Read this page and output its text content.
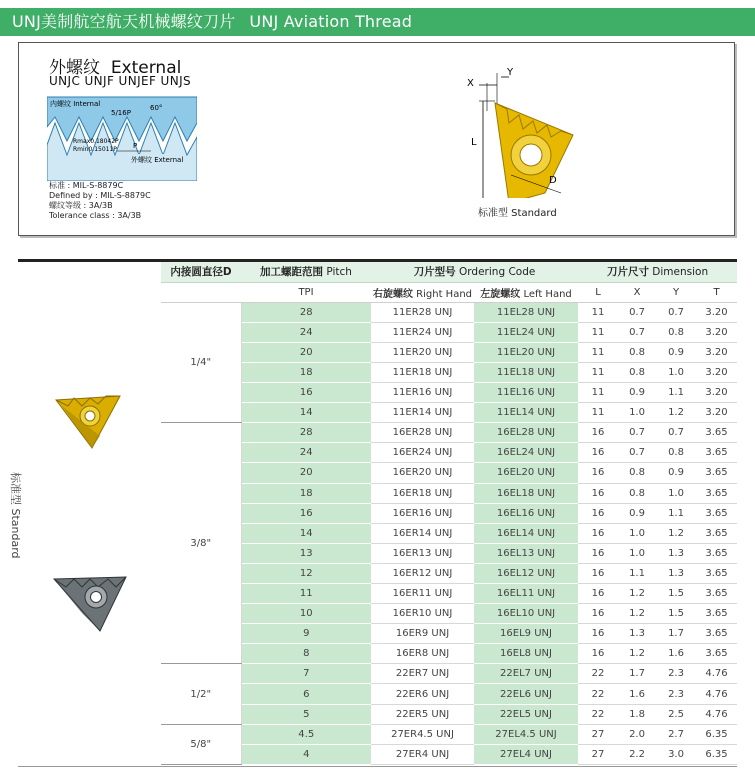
UNJ美制航空航天机械螺纹刀片 UNJ Aviation Thread
外螺纹 External
UNJC UNJF UNJEF UNJS
内螺纹 Internal
5/16P
60°
Rmax0.18042P
Rmin0.15011P P
外螺纹 External
标准 : MIL-S-8879C
Defined by : MIL-S-8879C
螺纹等级 : 3A/3B
Tolerance class : 3A/3B
X
Y
L
D
标准型 Standard
标准型 Standard
内接圆直径D	加工螺距范围 Pitch	刀片型号 Ordering Code		刀片尺寸 Dimension			
	TPI	右旋螺纹 Right Hand	左旋螺纹 Left Hand	L	X	Y	T
1/4"	28	11ER28 UNJ	11EL28 UNJ	11	0.7	0.7	3.20
	24	11ER24 UNJ	11EL24 UNJ	11	0.7	0.8	3.20
	20	11ER20 UNJ	11EL20 UNJ	11	0.8	0.9	3.20
	18	11ER18 UNJ	11EL18 UNJ	11	0.8	1.0	3.20
	16	11ER16 UNJ	11EL16 UNJ	11	0.9	1.1	3.20
	14	11ER14 UNJ	11EL14 UNJ	11	1.0	1.2	3.20
3/8"	28	16ER28 UNJ	16EL28 UNJ	16	0.7	0.7	3.65
	24	16ER24 UNJ	16EL24 UNJ	16	0.7	0.8	3.65
	20	16ER20 UNJ	16EL20 UNJ	16	0.8	0.9	3.65
	18	16ER18 UNJ	16EL18 UNJ	16	0.8	1.0	3.65
	16	16ER16 UNJ	16EL16 UNJ	16	0.9	1.1	3.65
	14	16ER14 UNJ	16EL14 UNJ	16	1.0	1.2	3.65
	13	16ER13 UNJ	16EL13 UNJ	16	1.0	1.3	3.65
	12	16ER12 UNJ	16EL12 UNJ	16	1.1	1.3	3.65
	11	16ER11 UNJ	16EL11 UNJ	16	1.2	1.5	3.65
	10	16ER10 UNJ	16EL10 UNJ	16	1.2	1.5	3.65
	9	16ER9 UNJ	16EL9 UNJ	16	1.3	1.7	3.65
	8	16ER8 UNJ	16EL8 UNJ	16	1.2	1.6	3.65
1/2"	7	22ER7 UNJ	22EL7 UNJ	22	1.7	2.3	4.76
	6	22ER6 UNJ	22EL6 UNJ	22	1.6	2.3	4.76
	5	22ER5 UNJ	22EL5 UNJ	22	1.8	2.5	4.76
5/8"	4.5	27ER4.5 UNJ	27EL4.5 UNJ	27	2.0	2.7	6.35
	4	27ER4 UNJ	27EL4 UNJ	27	2.2	3.0	6.35
